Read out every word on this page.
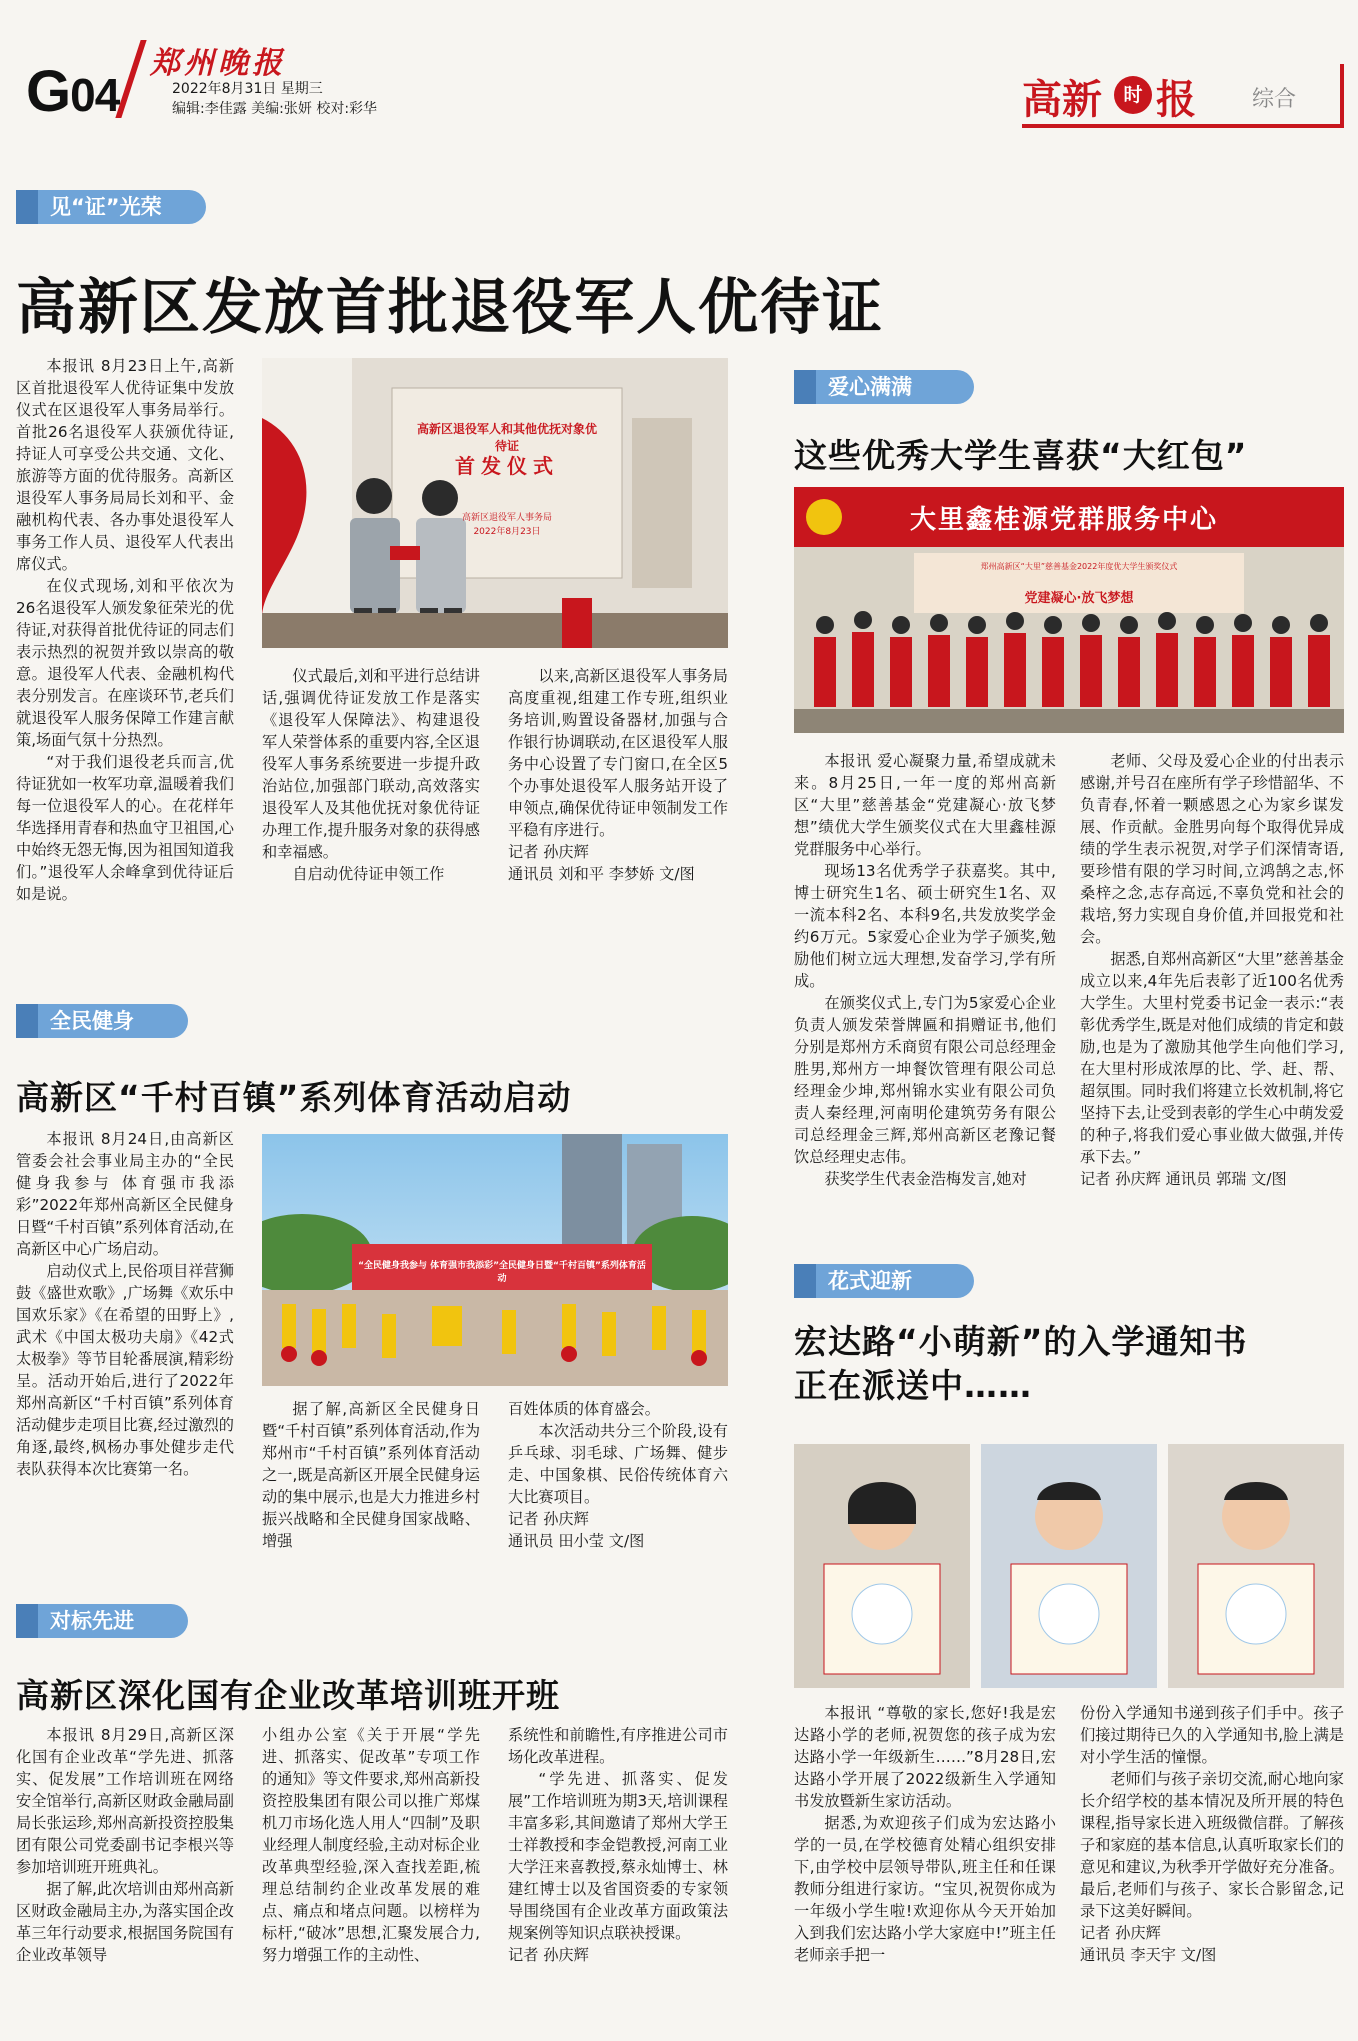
G04
郑州晚报
2022年8月31日 星期三
编辑:李佳露 美编:张妍 校对:彩华	高新	时 报	综合
见“证”光荣
高新区发放首批退役军人优待证

本报讯 8月23日上午,高新区首批退役军人优待证集中发放仪式在区退役军人事务局举行。首批26名退役军人获颁优待证,持证人可享受公共交通、文化、旅游等方面的优待服务。高新区退役军人事务局局长刘和平、金融机构代表、各办事处退役军人事务工作人员、退役军人代表出席仪式。

在仪式现场,刘和平依次为26名退役军人颁发象征荣光的优待证,对获得首批优待证的同志们表示热烈的祝贺并致以崇高的敬意。退役军人代表、金融机构代表分别发言。在座谈环节,老兵们就退役军人服务保障工作建言献策,场面气氛十分热烈。

“对于我们退役老兵而言,优待证犹如一枚军功章,温暖着我们每一位退役军人的心。在花样年华选择用青春和热血守卫祖国,心中始终无怨无悔,因为祖国知道我们。”退役军人余峰拿到优待证后如是说。

高新区退役军人和其他优抚对象优待证
首发仪式
高新区退役军人事务局
2022年8月23日

仪式最后,刘和平进行总结讲话,强调优待证发放工作是落实《退役军人保障法》、构建退役军人荣誉体系的重要内容,全区退役军人事务系统要进一步提升政治站位,加强部门联动,高效落实退役军人及其他优抚对象优待证办理工作,提升服务对象的获得感和幸福感。

自启动优待证申领工作

以来,高新区退役军人事务局高度重视,组建工作专班,组织业务培训,购置设备器材,加强与合作银行协调联动,在区退役军人服务中心设置了专门窗口,在全区5个办事处退役军人服务站开设了申领点,确保优待证申领制发工作平稳有序进行。

记者 孙庆辉

通讯员 刘和平 李梦娇 文/图

爱心满满
这些优秀大学生喜获“大红包”
大里鑫桂源党群服务中心
郑州高新区“大里”慈善基金2022年度优大学生颁奖仪式
党建凝心·放飞梦想

本报讯 爱心凝聚力量,希望成就未来。8月25日,一年一度的郑州高新区“大里”慈善基金“党建凝心·放飞梦想”绩优大学生颁奖仪式在大里鑫桂源党群服务中心举行。

现场13名优秀学子获嘉奖。其中,博士研究生1名、硕士研究生1名、双一流本科2名、本科9名,共发放奖学金约6万元。5家爱心企业为学子颁奖,勉励他们树立远大理想,发奋学习,学有所成。

在颁奖仪式上,专门为5家爱心企业负责人颁发荣誉牌匾和捐赠证书,他们分别是郑州方禾商贸有限公司总经理金胜男,郑州方一坤餐饮管理有限公司总经理金少坤,郑州锦水实业有限公司负责人秦经理,河南明伦建筑劳务有限公司总经理金三辉,郑州高新区老豫记餐饮总经理史志伟。

获奖学生代表金浩梅发言,她对

老师、父母及爱心企业的付出表示感谢,并号召在座所有学子珍惜韶华、不负青春,怀着一颗感恩之心为家乡谋发展、作贡献。金胜男向每个取得优异成绩的学生表示祝贺,对学子们深情寄语,要珍惜有限的学习时间,立鸿鹄之志,怀桑梓之念,志存高远,不辜负党和社会的栽培,努力实现自身价值,并回报党和社会。

据悉,自郑州高新区“大里”慈善基金成立以来,4年先后表彰了近100名优秀大学生。大里村党委书记金一表示:“表彰优秀学生,既是对他们成绩的肯定和鼓励,也是为了激励其他学生向他们学习,在大里村形成浓厚的比、学、赶、帮、超氛围。同时我们将建立长效机制,将它坚持下去,让受到表彰的学生心中萌发爱的种子,将我们爱心事业做大做强,并传承下去。”

记者 孙庆辉 通讯员 郭瑞 文/图

全民健身
高新区“千村百镇”系列体育活动启动

本报讯 8月24日,由高新区管委会社会事业局主办的“全民健身我参与 体育强市我添彩”2022年郑州高新区全民健身日暨“千村百镇”系列体育活动,在高新区中心广场启动。

启动仪式上,民俗项目祥营狮鼓《盛世欢歌》,广场舞《欢乐中国欢乐家》《在希望的田野上》,武术《中国太极功夫扇》《42式太极拳》等节目轮番展演,精彩纷呈。活动开始后,进行了2022年郑州高新区“千村百镇”系列体育活动健步走项目比赛,经过激烈的角逐,最终,枫杨办事处健步走代表队获得本次比赛第一名。

“全民健身我参与 体育强市我添彩”全民健身日暨“千村百镇”系列体育活动

据了解,高新区全民健身日暨“千村百镇”系列体育活动,作为郑州市“千村百镇”系列体育活动之一,既是高新区开展全民健身运动的集中展示,也是大力推进乡村振兴战略和全民健身国家战略、增强

百姓体质的体育盛会。

本次活动共分三个阶段,设有乒乓球、羽毛球、广场舞、健步走、中国象棋、民俗传统体育六大比赛项目。

记者 孙庆辉

通讯员 田小莹 文/图

对标先进
高新区深化国有企业改革培训班开班

本报讯 8月29日,高新区深化国有企业改革“学先进、抓落实、促发展”工作培训班在网络安全馆举行,高新区财政金融局副局长张运珍,郑州高新投资控股集团有限公司党委副书记李根兴等参加培训班开班典礼。

据了解,此次培训由郑州高新区财政金融局主办,为落实国企改革三年行动要求,根据国务院国有企业改革领导

小组办公室《关于开展“学先进、抓落实、促改革”专项工作的通知》等文件要求,郑州高新投资控股集团有限公司以推广郑煤机刀市场化选人用人“四制”及职业经理人制度经验,主动对标企业改革典型经验,深入查找差距,梳理总结制约企业改革发展的难点、痛点和堵点问题。以榜样为标杆,“破冰”思想,汇聚发展合力,努力增强工作的主动性、

系统性和前瞻性,有序推进公司市场化改革进程。

“学先进、抓落实、促发展”工作培训班为期3天,培训课程丰富多彩,其间邀请了郑州大学王士祥教授和李金铠教授,河南工业大学汪来喜教授,蔡永灿博士、林建红博士以及省国资委的专家领导围绕国有企业改革方面政策法规案例等知识点联袂授课。

记者 孙庆辉

花式迎新
宏达路“小萌新”的入学通知书
正在派送中……

本报讯 “尊敬的家长,您好!我是宏达路小学的老师,祝贺您的孩子成为宏达路小学一年级新生……”8月28日,宏达路小学开展了2022级新生入学通知书发放暨新生家访活动。

据悉,为欢迎孩子们成为宏达路小学的一员,在学校德育处精心组织安排下,由学校中层领导带队,班主任和任课教师分组进行家访。“宝贝,祝贺你成为一年级小学生啦!欢迎你从今天开始加入到我们宏达路小学大家庭中!”班主任老师亲手把一

份份入学通知书递到孩子们手中。孩子们接过期待已久的入学通知书,脸上满是对小学生活的憧憬。

老师们与孩子亲切交流,耐心地向家长介绍学校的基本情况及所开展的特色课程,指导家长进入班级微信群。了解孩子和家庭的基本信息,认真听取家长们的意见和建议,为秋季开学做好充分准备。最后,老师们与孩子、家长合影留念,记录下这美好瞬间。

记者 孙庆辉

通讯员 李天宇 文/图
